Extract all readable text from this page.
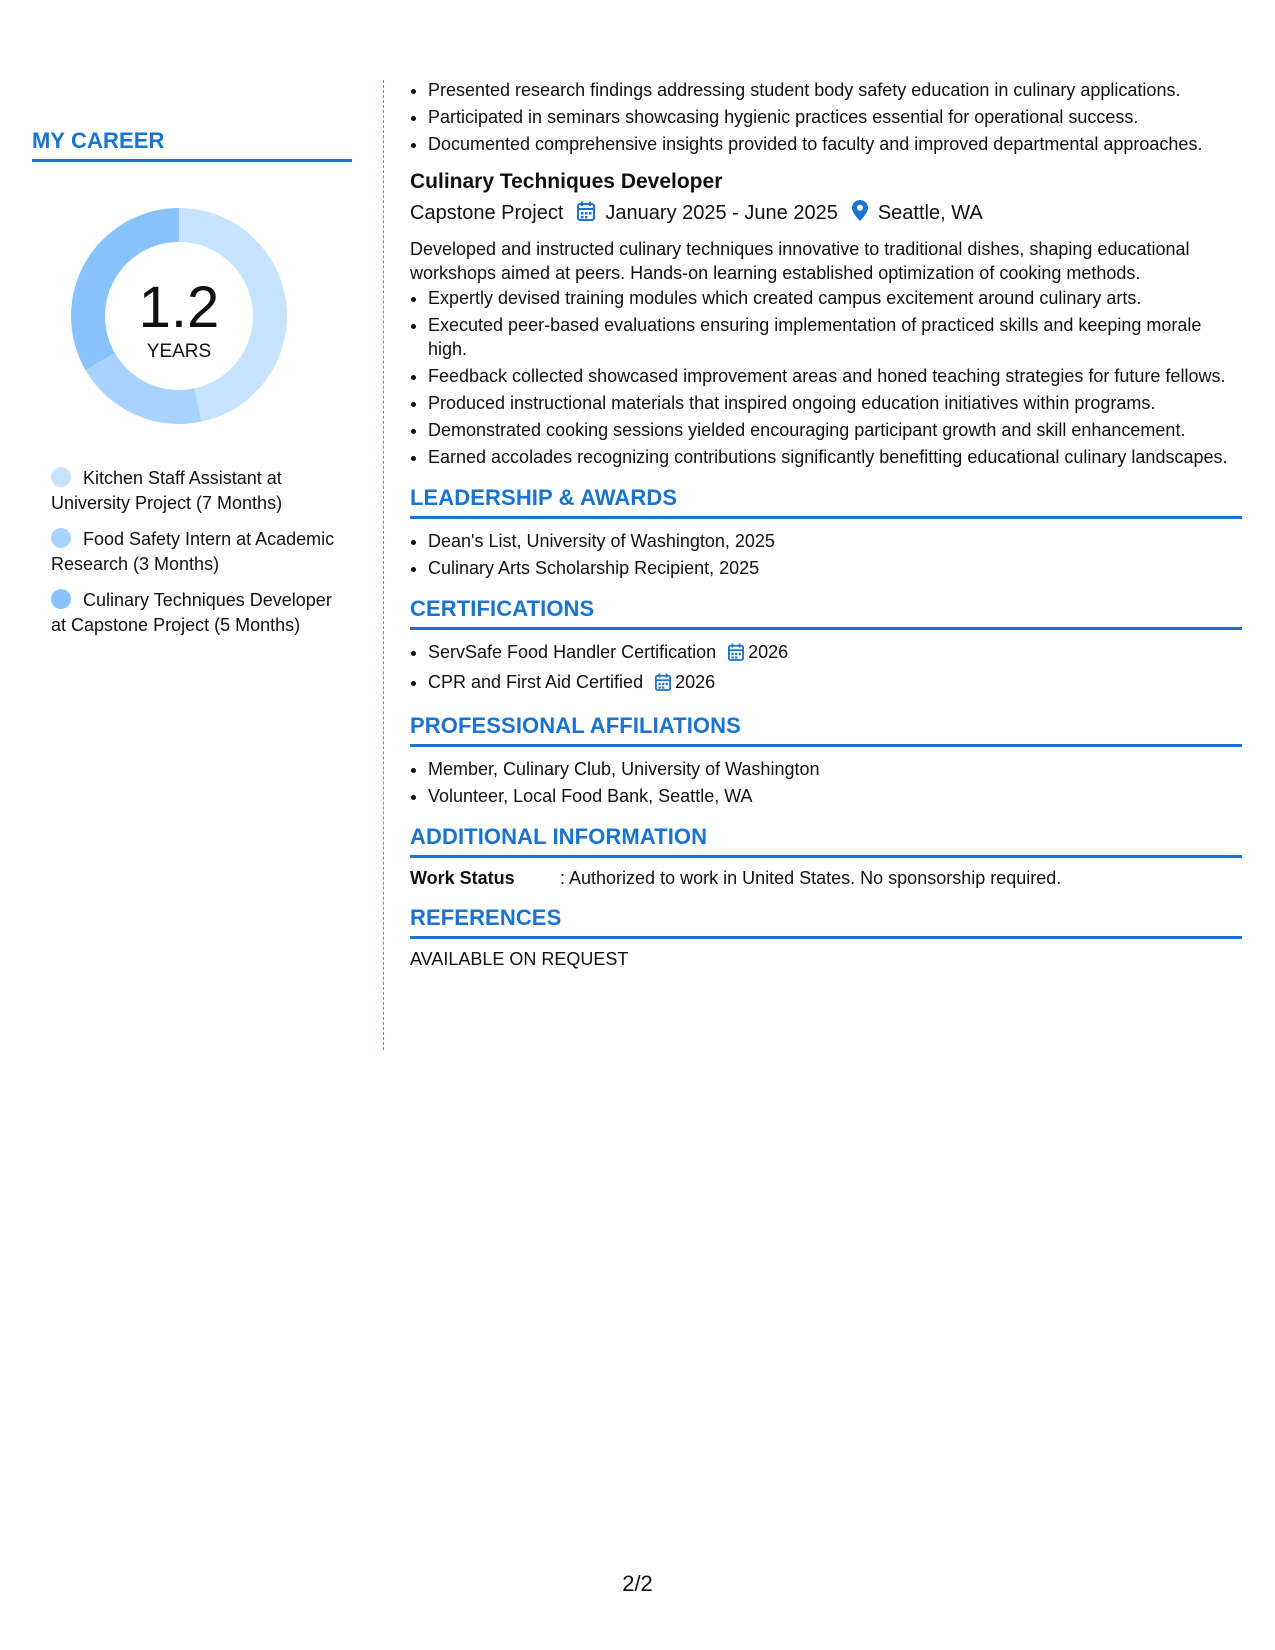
MY CAREER
1.2
YEARS
Kitchen Staff Assistant at University Project (7 Months)
Food Safety Intern at Academic Research (3 Months)
Culinary Techniques Developer at Capstone Project (5 Months)
• Presented research findings addressing student body safety education in culinary applications.
• Participated in seminars showcasing hygienic practices essential for operational success.
• Documented comprehensive insights provided to faculty and improved departmental approaches.
Culinary Techniques Developer
Capstone Project January 2025 - June 2025 Seattle, WA

Developed and instructed culinary techniques innovative to traditional dishes, shaping educational workshops aimed at peers. Hands-on learning established optimization of cooking methods.

• Expertly devised training modules which created campus excitement around culinary arts.
• Executed peer-based evaluations ensuring implementation of practiced skills and keeping morale high.
• Feedback collected showcased improvement areas and honed teaching strategies for future fellows.
• Produced instructional materials that inspired ongoing education initiatives within programs.
• Demonstrated cooking sessions yielded encouraging participant growth and skill enhancement.
• Earned accolades recognizing contributions significantly benefitting educational culinary landscapes.
LEADERSHIP & AWARDS
• Dean's List, University of Washington, 2025
• Culinary Arts Scholarship Recipient, 2025
CERTIFICATIONS
• ServSafe Food Handler Certification 2026
• CPR and First Aid Certified 2026
PROFESSIONAL AFFILIATIONS
• Member, Culinary Club, University of Washington
• Volunteer, Local Food Bank, Seattle, WA
ADDITIONAL INFORMATION
Work Status	: Authorized to work in United States. No sponsorship required.
REFERENCES
AVAILABLE ON REQUEST
2/2
